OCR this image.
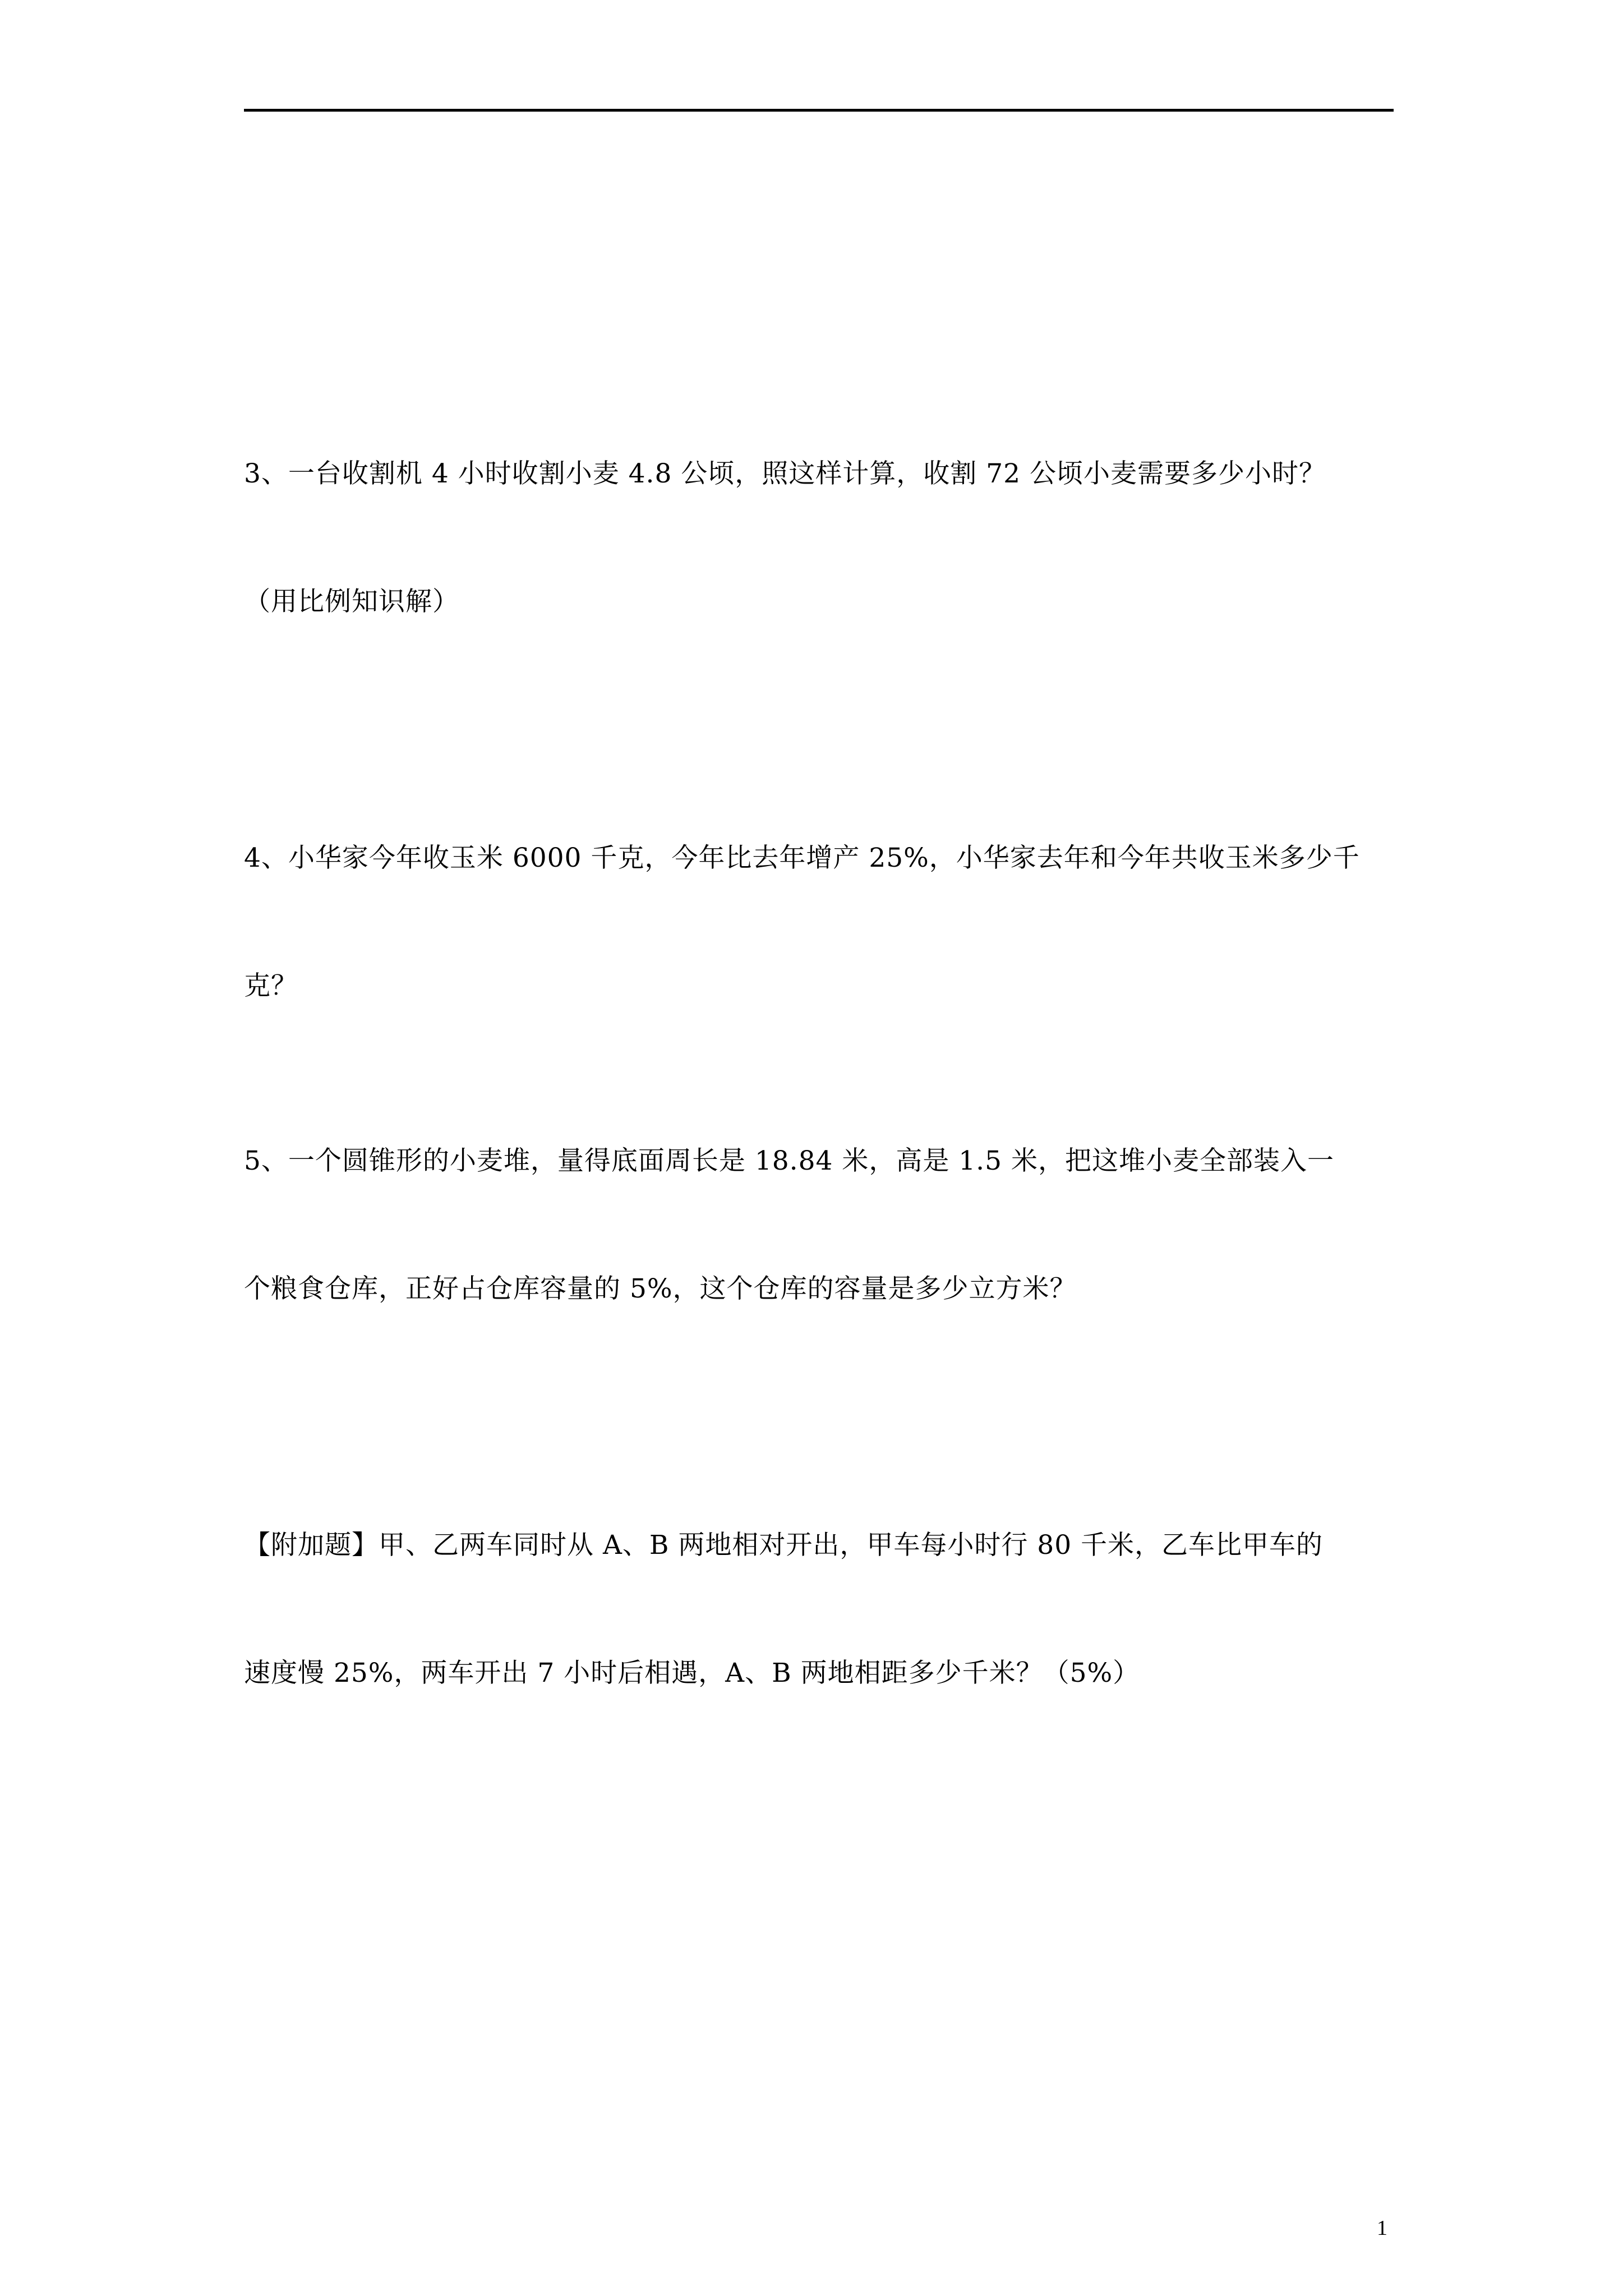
3、一台收割机 4 小时收割小麦 4.8 公顷，照这样计算，收割 72 公顷小麦需要多少小时？

（用比例知识解）

4、小华家今年收玉米 6000 千克，今年比去年增产 25%，小华家去年和今年共收玉米多少千

克？

5、一个圆锥形的小麦堆，量得底面周长是 18.84 米，高是 1.5 米，把这堆小麦全部装入一

个粮食仓库，正好占仓库容量的 5%，这个仓库的容量是多少立方米？

【附加题】甲、乙两车同时从 A、B 两地相对开出，甲车每小时行 80 千米，乙车比甲车的

速度慢 25%，两车开出 7 小时后相遇，A、B 两地相距多少千米？（5%）

1
